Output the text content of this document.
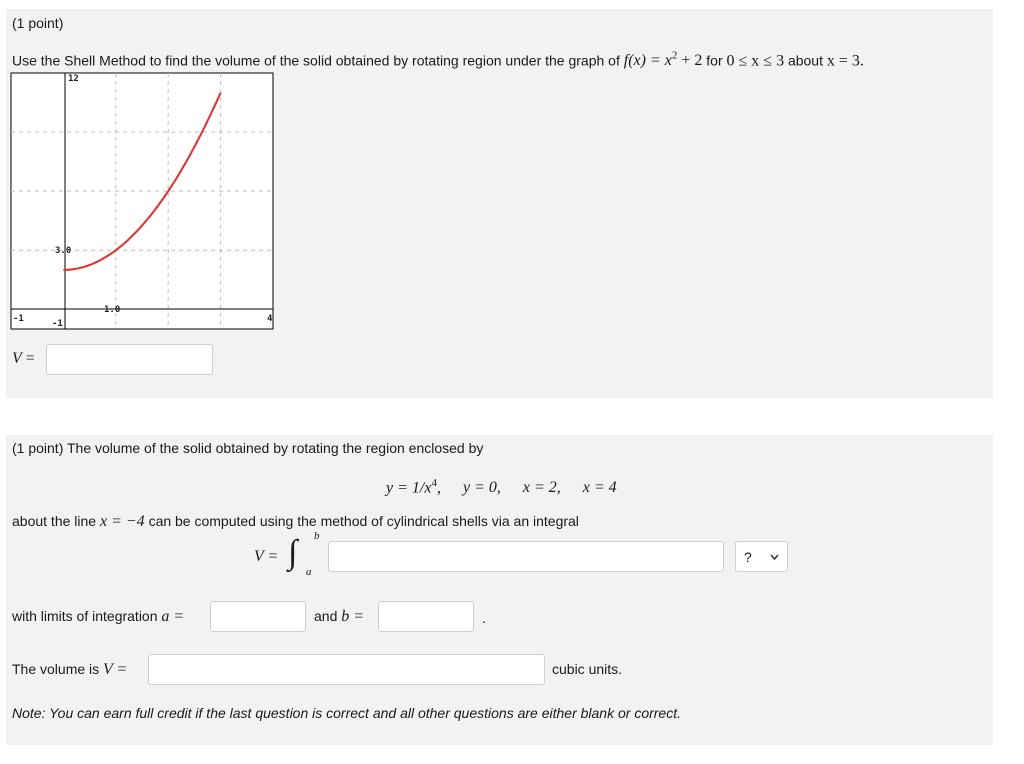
(1 point)
Use the Shell Method to find the volume of the solid obtained by rotating region under the graph of $f(x) = x^2 + 2$ for 0 ≤ x ≤ 3 about x = 3.
12
3.0
1.0
-1	4
-1
V =
(1 point) The volume of the solid obtained by rotating the region enclosed by
$y = 1/x^4$, y = 0, x = 2, x = 4
about the line x = −4 can be computed using the method of cylindrical shells via an integral
V = ∫ b
a
?
with limits of integration a =	and b =	.
The volume is V =	cubic units.
Note: You can earn full credit if the last question is correct and all other questions are either blank or correct.
